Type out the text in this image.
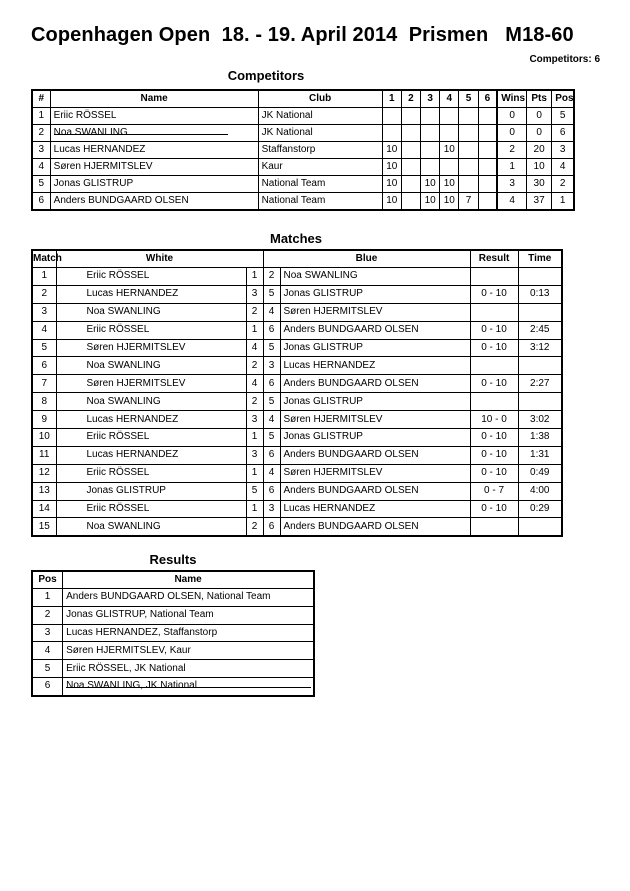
Copenhagen Open  18. - 19. April 2014  Prismen   M18-60
Competitors: 6
Competitors
#	Name	Club	1	2	3	4	5	6	Wins	Pts	Pos
1	Eriic RÖSSEL	JK National							0	0	5
2	Noa SWANLING	JK National							0	0	6
3	Lucas HERNANDEZ	Staffanstorp	10			10			2	20	3
4	Søren HJERMITSLEV	Kaur	10						1	10	4
5	Jonas GLISTRUP	National Team	10		10	10			3	30	2
6	Anders BUNDGAARD OLSEN	National Team	10		10	10	7		4	37	1
Matches
Match	White		Blue		Result	Time
1	Eriic RÖSSEL	1	2	Noa SWANLING		
2	Lucas HERNANDEZ	3	5	Jonas GLISTRUP	0 - 10	0:13
3	Noa SWANLING	2	4	Søren HJERMITSLEV		
4	Eriic RÖSSEL	1	6	Anders BUNDGAARD OLSEN	0 - 10	2:45
5	Søren HJERMITSLEV	4	5	Jonas GLISTRUP	0 - 10	3:12
6	Noa SWANLING	2	3	Lucas HERNANDEZ		
7	Søren HJERMITSLEV	4	6	Anders BUNDGAARD OLSEN	0 - 10	2:27
8	Noa SWANLING	2	5	Jonas GLISTRUP		
9	Lucas HERNANDEZ	3	4	Søren HJERMITSLEV	10 - 0	3:02
10	Eriic RÖSSEL	1	5	Jonas GLISTRUP	0 - 10	1:38
11	Lucas HERNANDEZ	3	6	Anders BUNDGAARD OLSEN	0 - 10	1:31
12	Eriic RÖSSEL	1	4	Søren HJERMITSLEV	0 - 10	0:49
13	Jonas GLISTRUP	5	6	Anders BUNDGAARD OLSEN	0 - 7	4:00
14	Eriic RÖSSEL	1	3	Lucas HERNANDEZ	0 - 10	0:29
15	Noa SWANLING	2	6	Anders BUNDGAARD OLSEN		
Results
Pos	Name
1	Anders BUNDGAARD OLSEN, National Team
2	Jonas GLISTRUP, National Team
3	Lucas HERNANDEZ, Staffanstorp
4	Søren HJERMITSLEV, Kaur
5	Eriic RÖSSEL, JK National
6	Noa SWANLING, JK National
